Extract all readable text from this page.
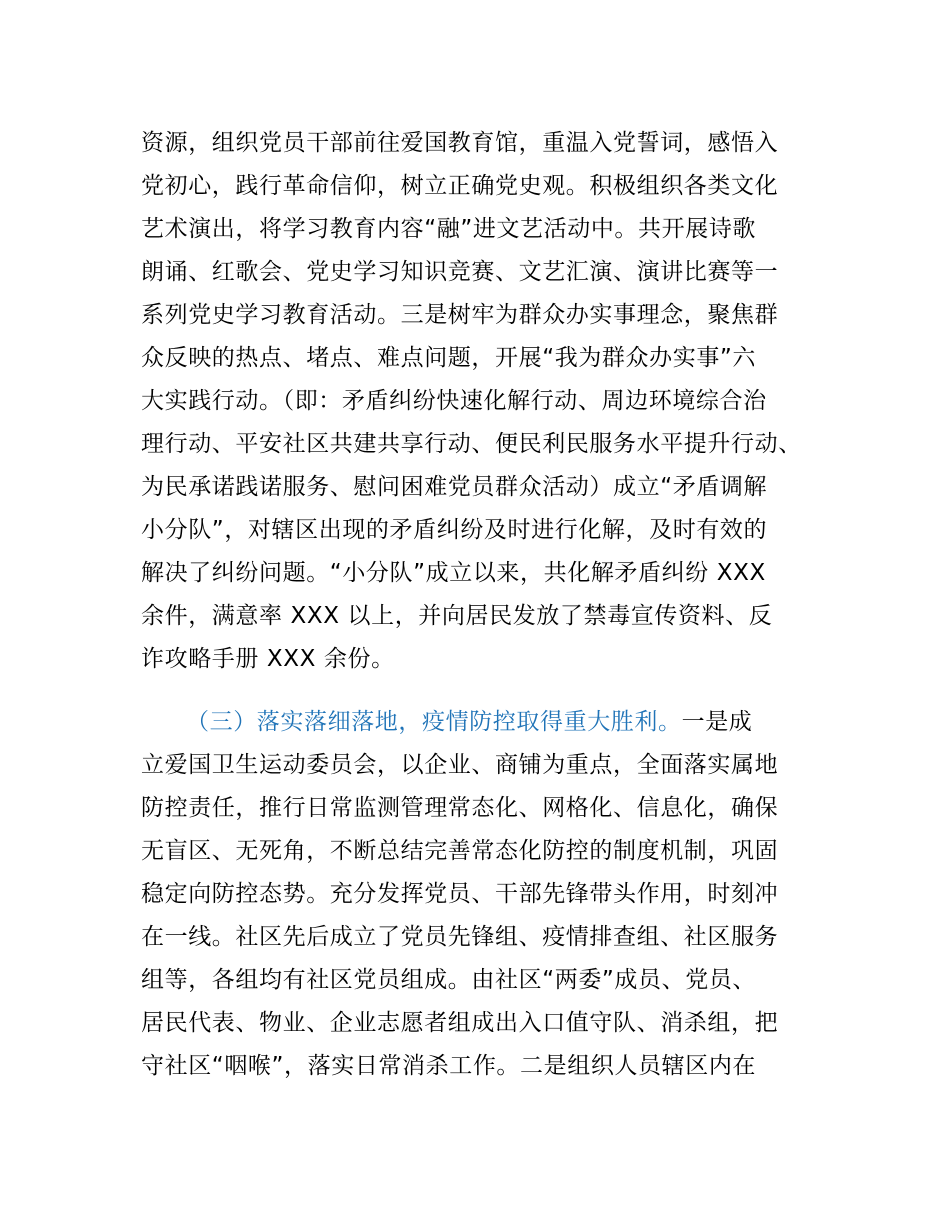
资源，组织党员干部前往爱国教育馆，重温入党誓词，感悟入
党初心，践行革命信仰，树立正确党史观。积极组织各类文化
艺术演出，将学习教育内容“融”进文艺活动中。共开展诗歌
朗诵、红歌会、党史学习知识竞赛、文艺汇演、演讲比赛等一
系列党史学习教育活动。三是树牢为群众办实事理念，聚焦群
众反映的热点、堵点、难点问题，开展“我为群众办实事”六
大实践行动。（即：矛盾纠纷快速化解行动、周边环境综合治
理行动、平安社区共建共享行动、便民利民服务水平提升行动、
为民承诺践诺服务、慰问困难党员群众活动）成立“矛盾调解
小分队”，对辖区出现的矛盾纠纷及时进行化解，及时有效的
解决了纠纷问题。“小分队”成立以来，共化解矛盾纠纷 XXX
余件，满意率 XXX 以上，并向居民发放了禁毒宣传资料、反
诈攻略手册 XXX 余份。
（三）落实落细落地，疫情防控取得重大胜利。一是成
立爱国卫生运动委员会，以企业、商铺为重点，全面落实属地
防控责任，推行日常监测管理常态化、网格化、信息化，确保
无盲区、无死角，不断总结完善常态化防控的制度机制，巩固
稳定向防控态势。充分发挥党员、干部先锋带头作用，时刻冲
在一线。社区先后成立了党员先锋组、疫情排查组、社区服务
组等，各组均有社区党员组成。由社区“两委”成员、党员、
居民代表、物业、企业志愿者组成出入口值守队、消杀组，把
守社区“咽喉”，落实日常消杀工作。二是组织人员辖区内在
